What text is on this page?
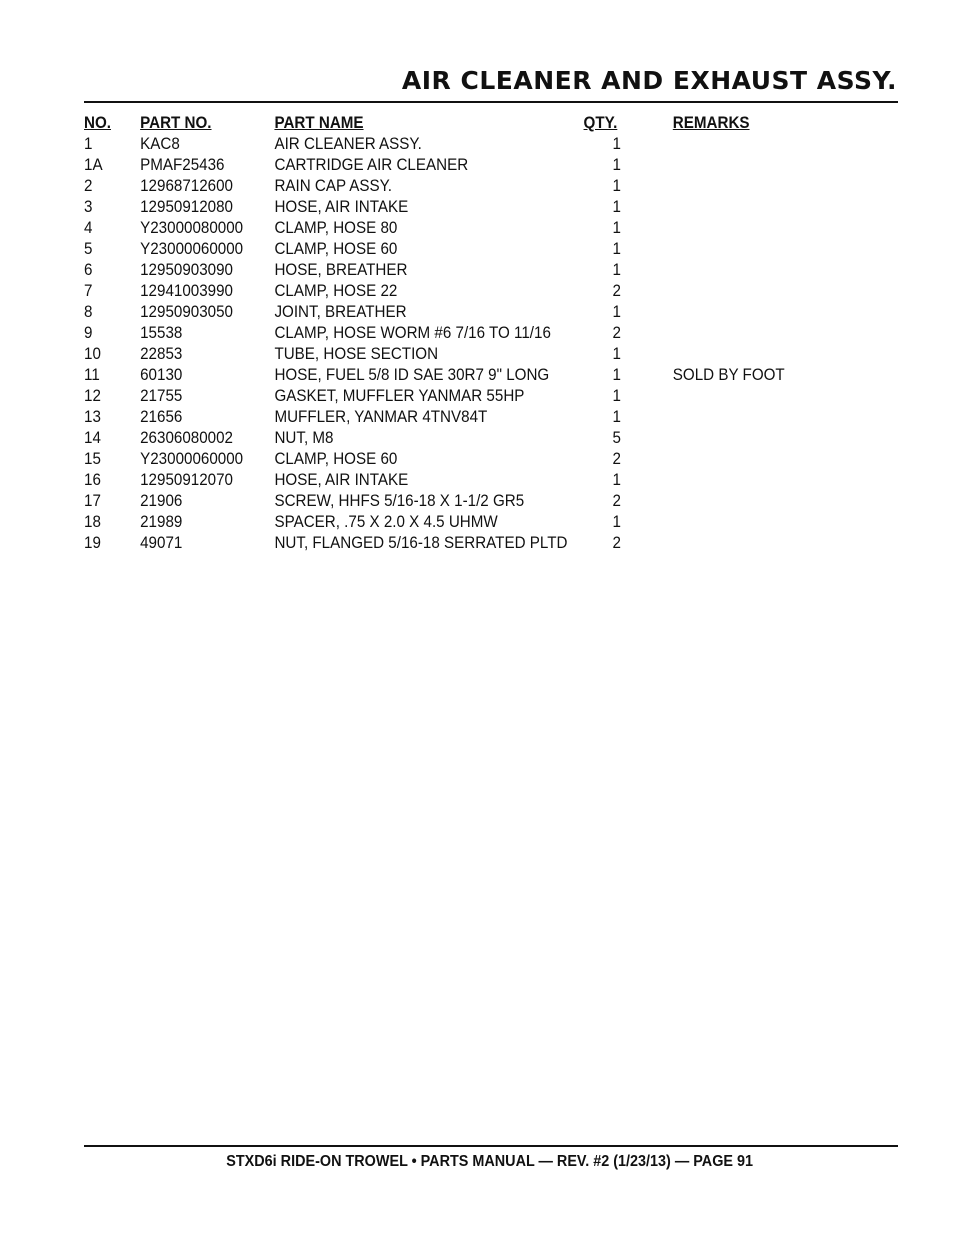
AIR CLEANER AND EXHAUST ASSY.
NO. PART NO.	PART NAME	QTY.	REMARKS
1	KAC8	AIR CLEANER ASSY.	1
1A PMAF25436	CARTRIDGE AIR CLEANER	1
2	12968712600	RAIN CAP ASSY.	1
3	12950912080	HOSE, AIR INTAKE	1
4	Y23000080000 CLAMP, HOSE 80	1
5	Y23000060000 CLAMP, HOSE 60	1
6	12950903090	HOSE, BREATHER	1
7	12941003990	CLAMP, HOSE 22	2
8	12950903050	JOINT, BREATHER	1
9	15538	CLAMP, HOSE WORM #6 7/16 TO 11/16	2
10 22853	TUBE, HOSE SECTION	1
11 60130	HOSE, FUEL 5/8 ID SAE 30R7 9" LONG	1	SOLD BY FOOT
12 21755	GASKET, MUFFLER YANMAR 55HP	1
13 21656	MUFFLER, YANMAR 4TNV84T	1
14 26306080002	NUT, M8	5
15 Y23000060000 CLAMP, HOSE 60	2
16 12950912070	HOSE, AIR INTAKE	1
17 21906	SCREW, HHFS 5/16-18 X 1-1/2 GR5	2
18 21989	SPACER, .75 X 2.0 X 4.5 UHMW	1
19 49071	NUT, FLANGED 5/16-18 SERRATED PLTD	2
STXD6i RIDE-ON TROWEL • PARTS MANUAL — REV. #2 (1/23/13) — PAGE 91
